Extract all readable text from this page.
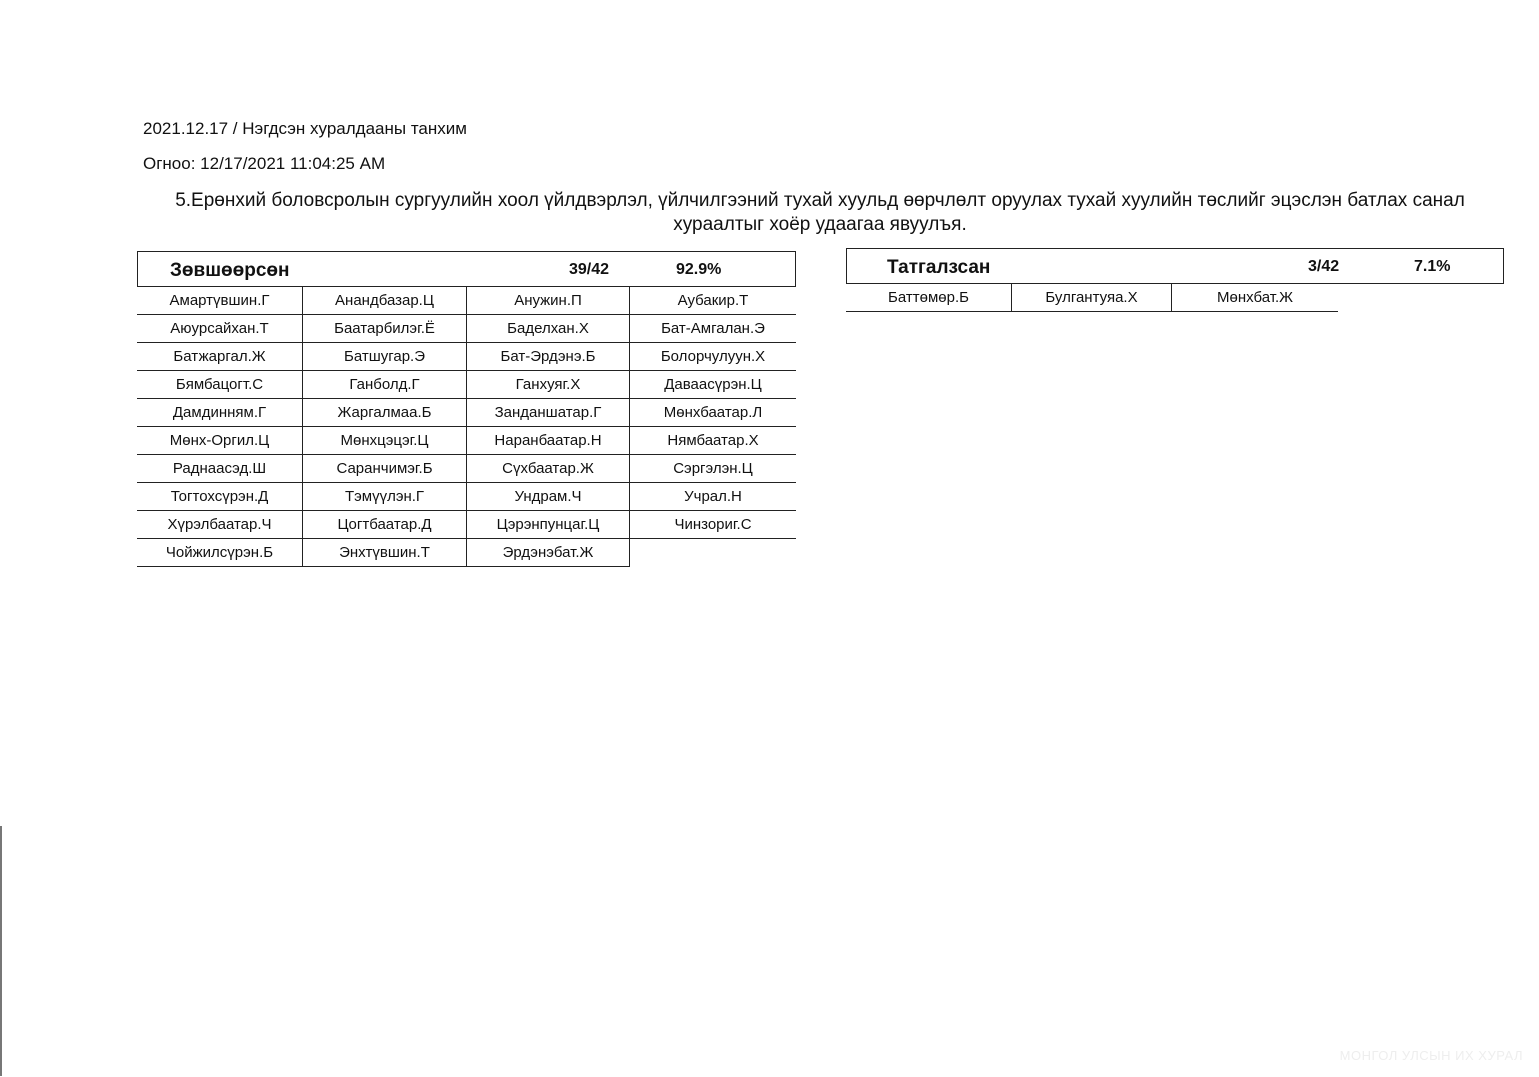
2021.12.17 / Нэгдсэн хуралдааны танхим
Огноо: 12/17/2021 11:04:25 AM
5.Ерөнхий боловсролын сургуулийн хоол үйлдвэрлэл, үйлчилгээний тухай хуульд өөрчлөлт оруулах тухай хуулийн төслийг эцэслэн батлах санал хураалтыг хоёр удаагаа явуулъя.
Зөвшөөрсөн	39/42	92.9%
Амартүвшин.Г	Анандбазар.Ц	Анужин.П	Аубакир.Т
Аюурсайхан.Т	Баатарбилэг.Ё	Баделхан.Х	Бат-Амгалан.Э
Батжаргал.Ж	Батшугар.Э	Бат-Эрдэнэ.Б	Болорчулуун.Х
Бямбацогт.С	Ганболд.Г	Ганхуяг.Х	Даваасүрэн.Ц
Дамдинням.Г	Жаргалмаа.Б	Занданшатар.Г	Мөнхбаатар.Л
Мөнх-Оргил.Ц	Мөнхцэцэг.Ц	Наранбаатар.Н	Нямбаатар.Х
Раднаасэд.Ш	Саранчимэг.Б	Сүхбаатар.Ж	Сэргэлэн.Ц
Тогтохсүрэн.Д	Тэмүүлэн.Г	Ундрам.Ч	Учрал.Н
Хүрэлбаатар.Ч	Цогтбаатар.Д	Цэрэнпунцаг.Ц	Чинзориг.С
Чойжилсүрэн.Б	Энхтүвшин.Т	Эрдэнэбат.Ж
Татгалзсан	3/42	7.1%
Баттөмөр.Б	Булгантуяа.Х	Мөнхбат.Ж
МОНГОЛ УЛСЫН ИХ ХУРАЛ
